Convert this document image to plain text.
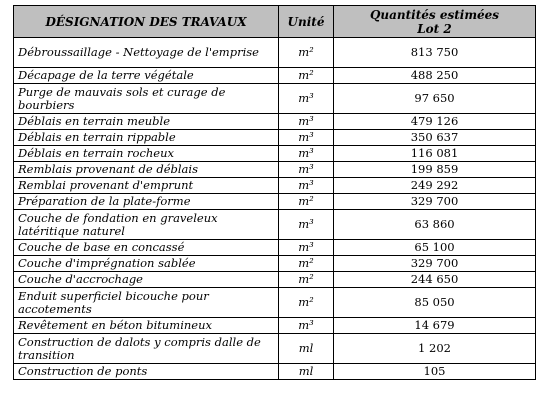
DÉSIGNATION DES TRAVAUX	Unité	Quantités estimées
Lot 2

Débroussaillage - Nettoyage de l'emprise	m²	813 750
Décapage de la terre végétale	m²	488 250
Purge de mauvais sols et curage de bourbiers	m³	97 650
Déblais en terrain meuble	m³	479 126
Déblais en terrain rippable	m³	350 637
Déblais en terrain rocheux	m³	116 081
Remblais provenant de déblais	m³	199 859
Remblai provenant d'emprunt	m³	249 292
Préparation de la plate-forme	m²	329 700
Couche de fondation en graveleux latéritique naturel	m³	63 860
Couche de base en concassé	m³	65 100
Couche d'imprégnation sablée	m²	329 700
Couche d'accrochage	m²	244 650
Enduit superficiel bicouche pour accotements	m²	85 050
Revêtement en béton bitumineux	m³	14 679
Construction de dalots y compris dalle de transition	ml	1 202
Construction de ponts	ml	105
